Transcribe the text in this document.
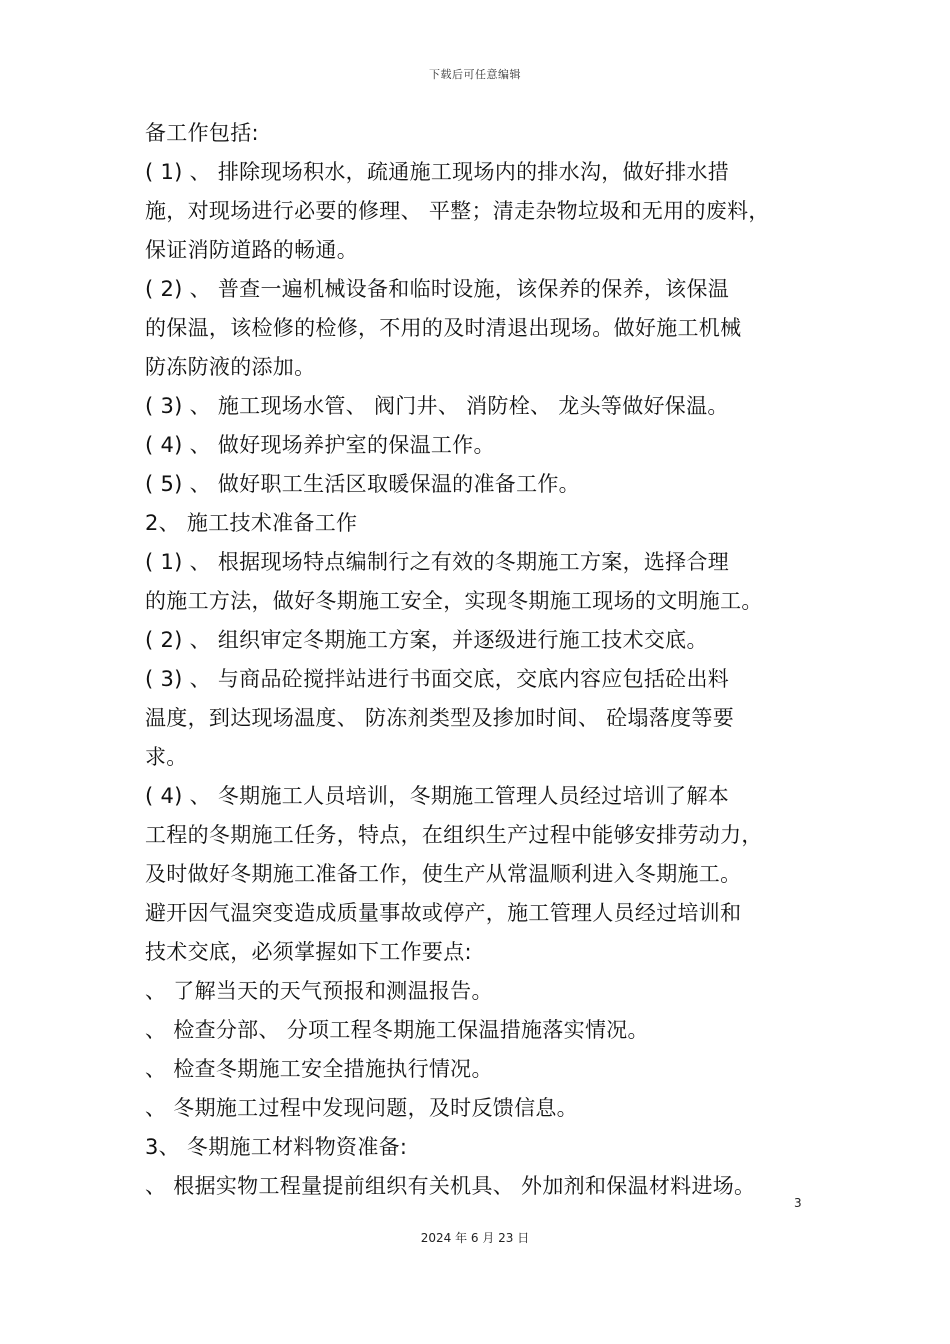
下载后可任意编辑
备工作包括:
( 1) 、 排除现场积水，疏通施工现场内的排水沟，做好排水措
施，对现场进行必要的修理、 平整；清走杂物垃圾和无用的废料，
保证消防道路的畅通。
( 2) 、 普查一遍机械设备和临时设施，该保养的保养，该保温
的保温，该检修的检修，不用的及时清退出现场。做好施工机械
防冻防液的添加。
( 3) 、 施工现场水管、 阀门井、 消防栓、 龙头等做好保温。
( 4) 、 做好现场养护室的保温工作。
( 5) 、 做好职工生活区取暖保温的准备工作。
2、 施工技术准备工作
( 1) 、 根据现场特点编制行之有效的冬期施工方案，选择合理
的施工方法，做好冬期施工安全，实现冬期施工现场的文明施工。
( 2) 、 组织审定冬期施工方案，并逐级进行施工技术交底。
( 3) 、 与商品砼搅拌站进行书面交底，交底内容应包括砼出料
温度，到达现场温度、 防冻剂类型及掺加时间、 砼塌落度等要
求。
( 4) 、 冬期施工人员培训，冬期施工管理人员经过培训了解本
工程的冬期施工任务，特点，在组织生产过程中能够安排劳动力，
及时做好冬期施工准备工作，使生产从常温顺利进入冬期施工。
避开因气温突变造成质量事故或停产，施工管理人员经过培训和
技术交底，必须掌握如下工作要点:
、 了解当天的天气预报和测温报告。
、 检查分部、 分项工程冬期施工保温措施落实情况。
、 检查冬期施工安全措施执行情况。
、 冬期施工过程中发现问题，及时反馈信息。
3、 冬期施工材料物资准备:
、 根据实物工程量提前组织有关机具、 外加剂和保温材料进场。
3
2024 年 6 月 23 日
